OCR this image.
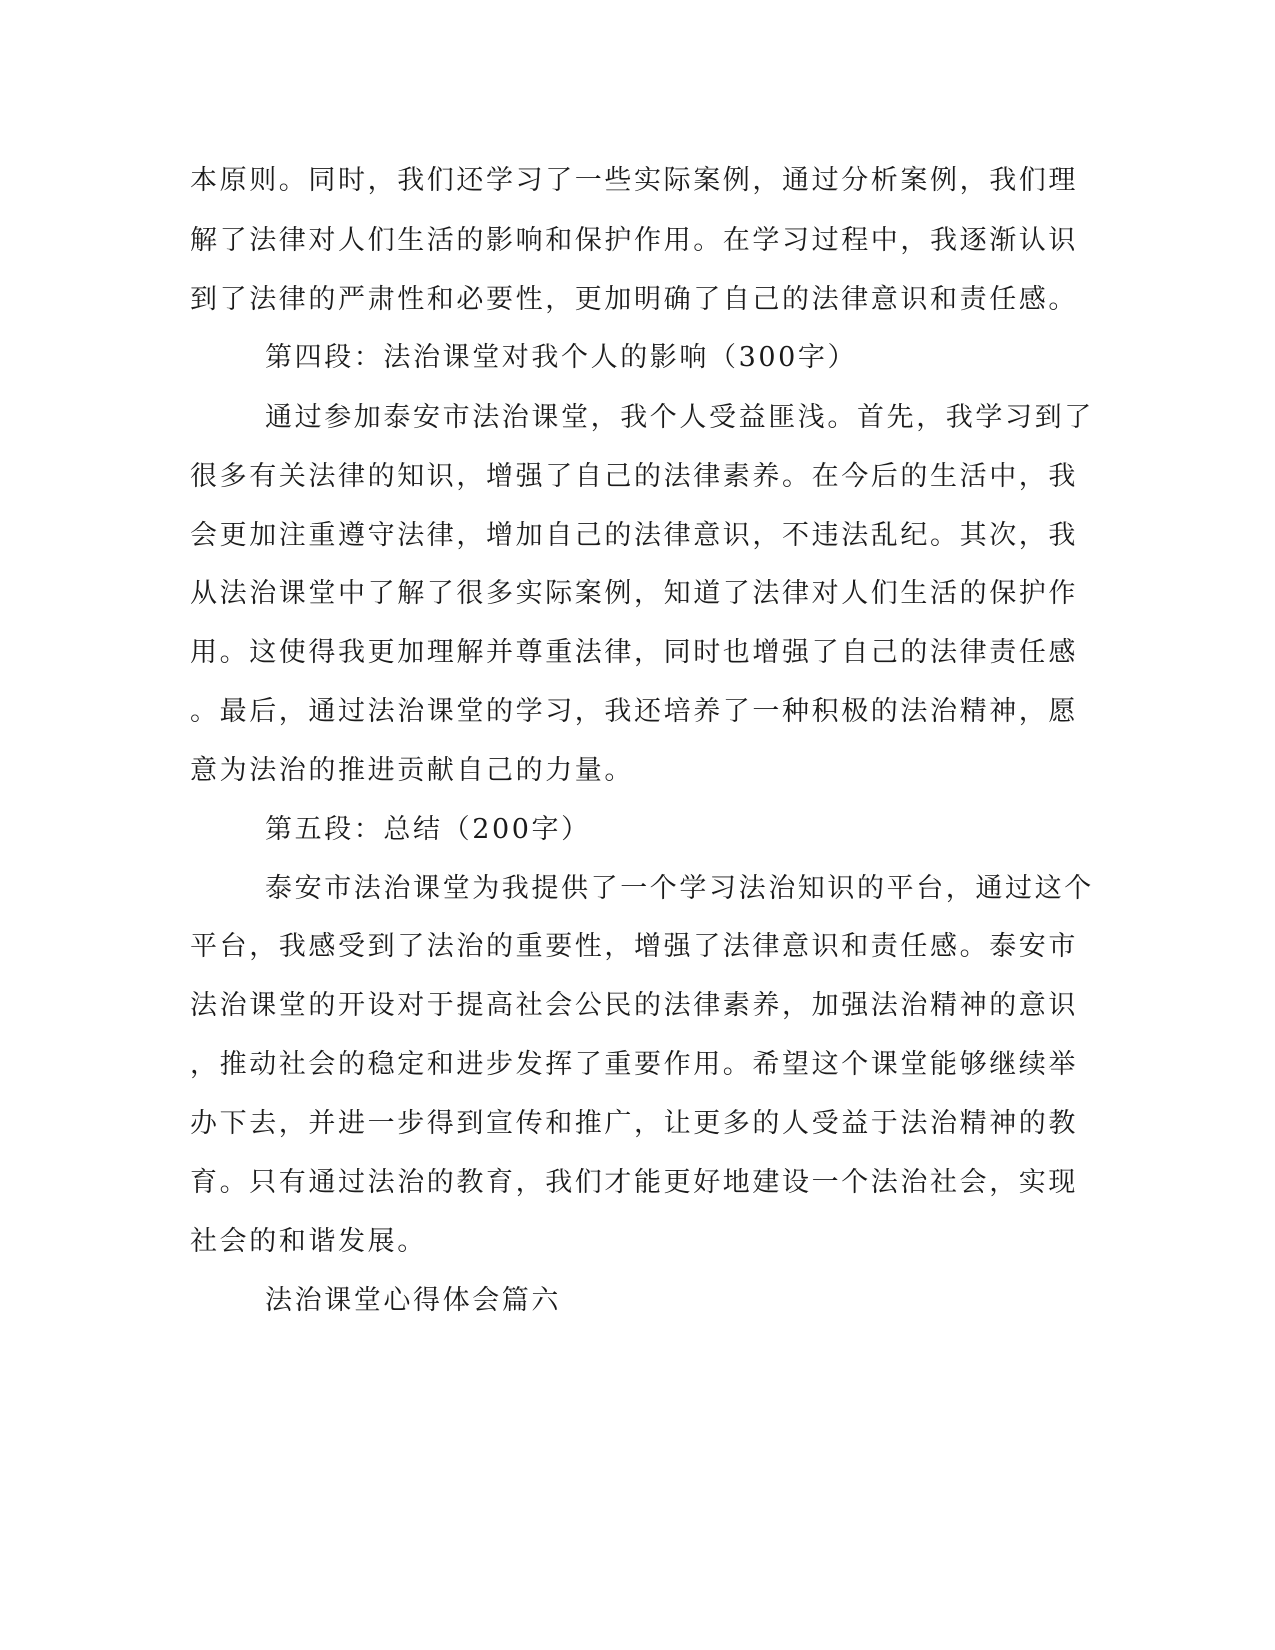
本原则。同时，我们还学习了一些实际案例，通过分析案例，我们理
解了法律对人们生活的影响和保护作用。在学习过程中，我逐渐认识
到了法律的严肃性和必要性，更加明确了自己的法律意识和责任感。
第四段：法治课堂对我个人的影响（300字）
通过参加泰安市法治课堂，我个人受益匪浅。首先，我学习到了
很多有关法律的知识，增强了自己的法律素养。在今后的生活中，我
会更加注重遵守法律，增加自己的法律意识，不违法乱纪。其次，我
从法治课堂中了解了很多实际案例，知道了法律对人们生活的保护作
用。这使得我更加理解并尊重法律，同时也增强了自己的法律责任感
。最后，通过法治课堂的学习，我还培养了一种积极的法治精神，愿
意为法治的推进贡献自己的力量。
第五段：总结（200字）
泰安市法治课堂为我提供了一个学习法治知识的平台，通过这个
平台，我感受到了法治的重要性，增强了法律意识和责任感。泰安市
法治课堂的开设对于提高社会公民的法律素养，加强法治精神的意识
，推动社会的稳定和进步发挥了重要作用。希望这个课堂能够继续举
办下去，并进一步得到宣传和推广，让更多的人受益于法治精神的教
育。只有通过法治的教育，我们才能更好地建设一个法治社会，实现
社会的和谐发展。
法治课堂心得体会篇六
